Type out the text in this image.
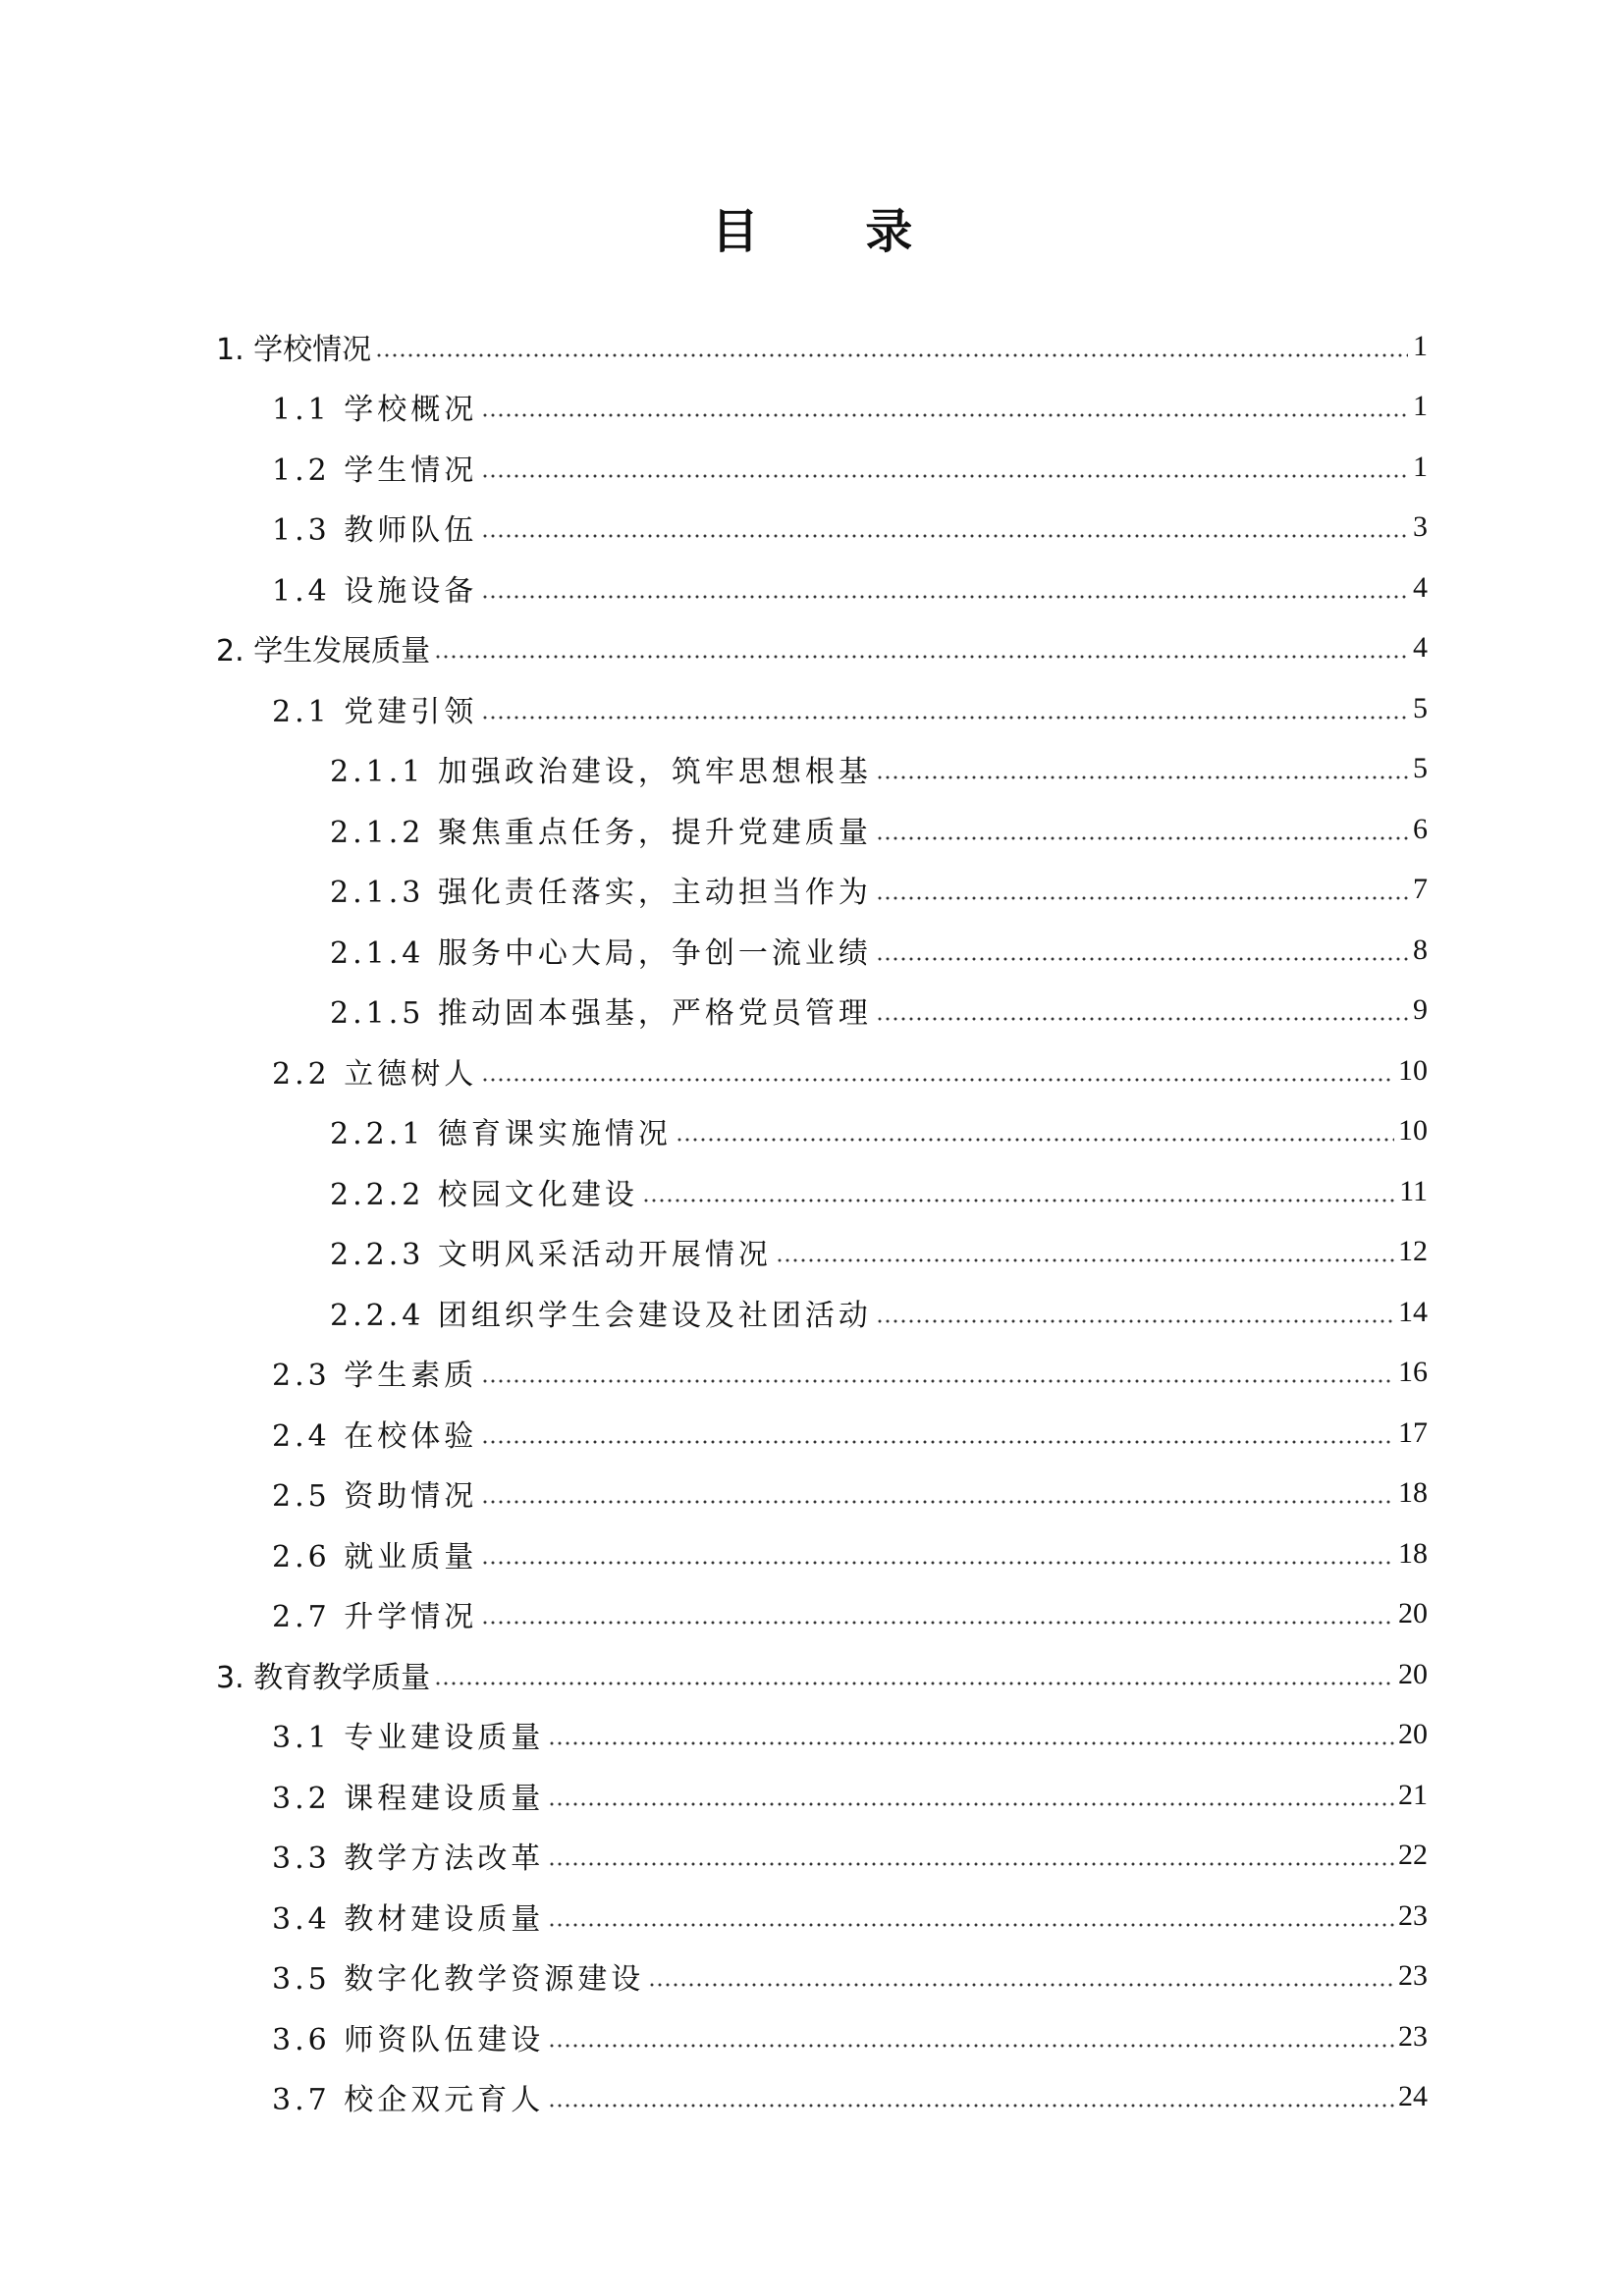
目 录
1. 学校情况	1
1.1 学校概况	1
1.2 学生情况	1
1.3 教师队伍	3
1.4 设施设备	4
2. 学生发展质量	4
2.1 党建引领	5
2.1.1 加强政治建设，筑牢思想根基	5
2.1.2 聚焦重点任务，提升党建质量	6
2.1.3 强化责任落实，主动担当作为	7
2.1.4 服务中心大局，争创一流业绩	8
2.1.5 推动固本强基，严格党员管理	9
2.2 立德树人	10
2.2.1 德育课实施情况	10
2.2.2 校园文化建设	11
2.2.3 文明风采活动开展情况	12
2.2.4 团组织学生会建设及社团活动	14
2.3 学生素质	16
2.4 在校体验	17
2.5 资助情况	18
2.6 就业质量	18
2.7 升学情况	20
3. 教育教学质量	20
3.1 专业建设质量	20
3.2 课程建设质量	21
3.3 教学方法改革	22
3.4 教材建设质量	23
3.5 数字化教学资源建设	23
3.6 师资队伍建设	23
3.7 校企双元育人	24
